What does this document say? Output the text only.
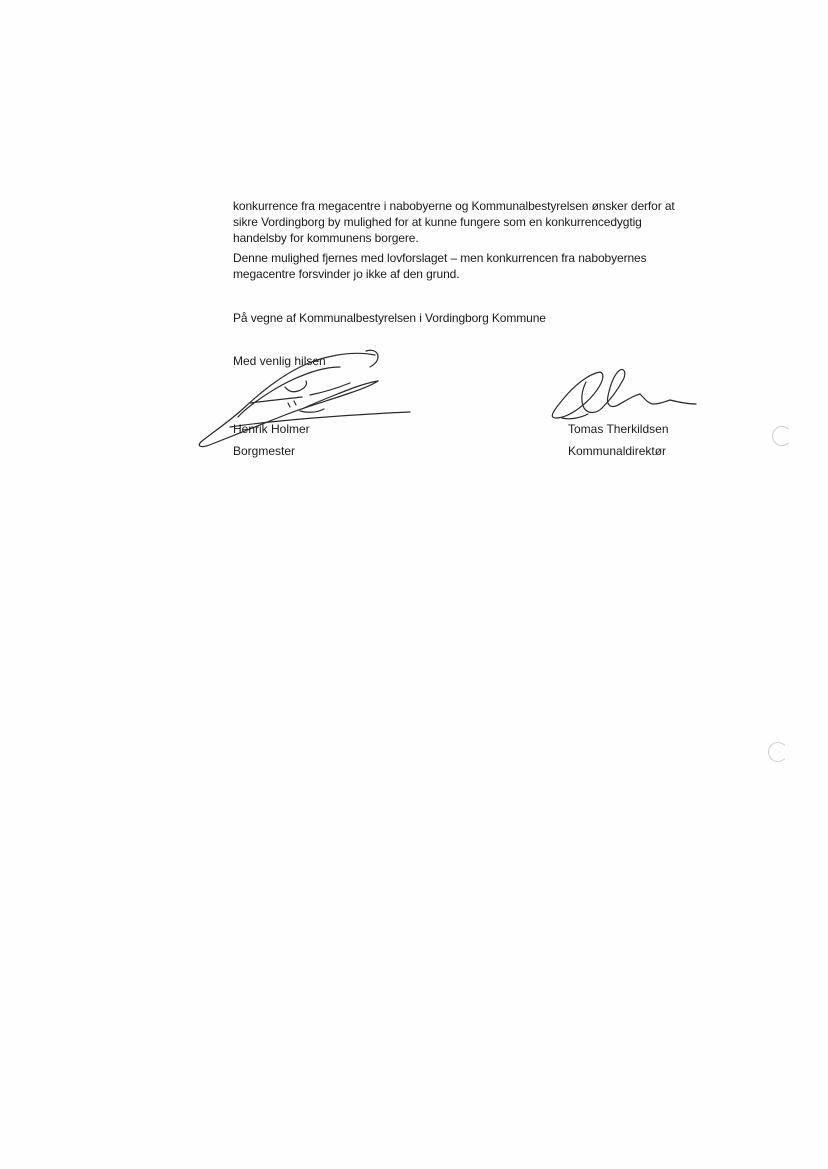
konkurrence fra megacentre i nabobyerne og Kommunalbestyrelsen ønsker derfor at
sikre Vordingborg by mulighed for at kunne fungere som en konkurrencedygtig
handelsby for kommunens borgere.

Denne mulighed fjernes med lovforslaget – men konkurrencen fra nabobyernes
megacentre forsvinder jo ikke af den grund.

På vegne af Kommunalbestyrelsen i Vordingborg Kommune

Med venlig hilsen
Henrik Holmer
Borgmester
Tomas Therkildsen
Kommunaldirektør
